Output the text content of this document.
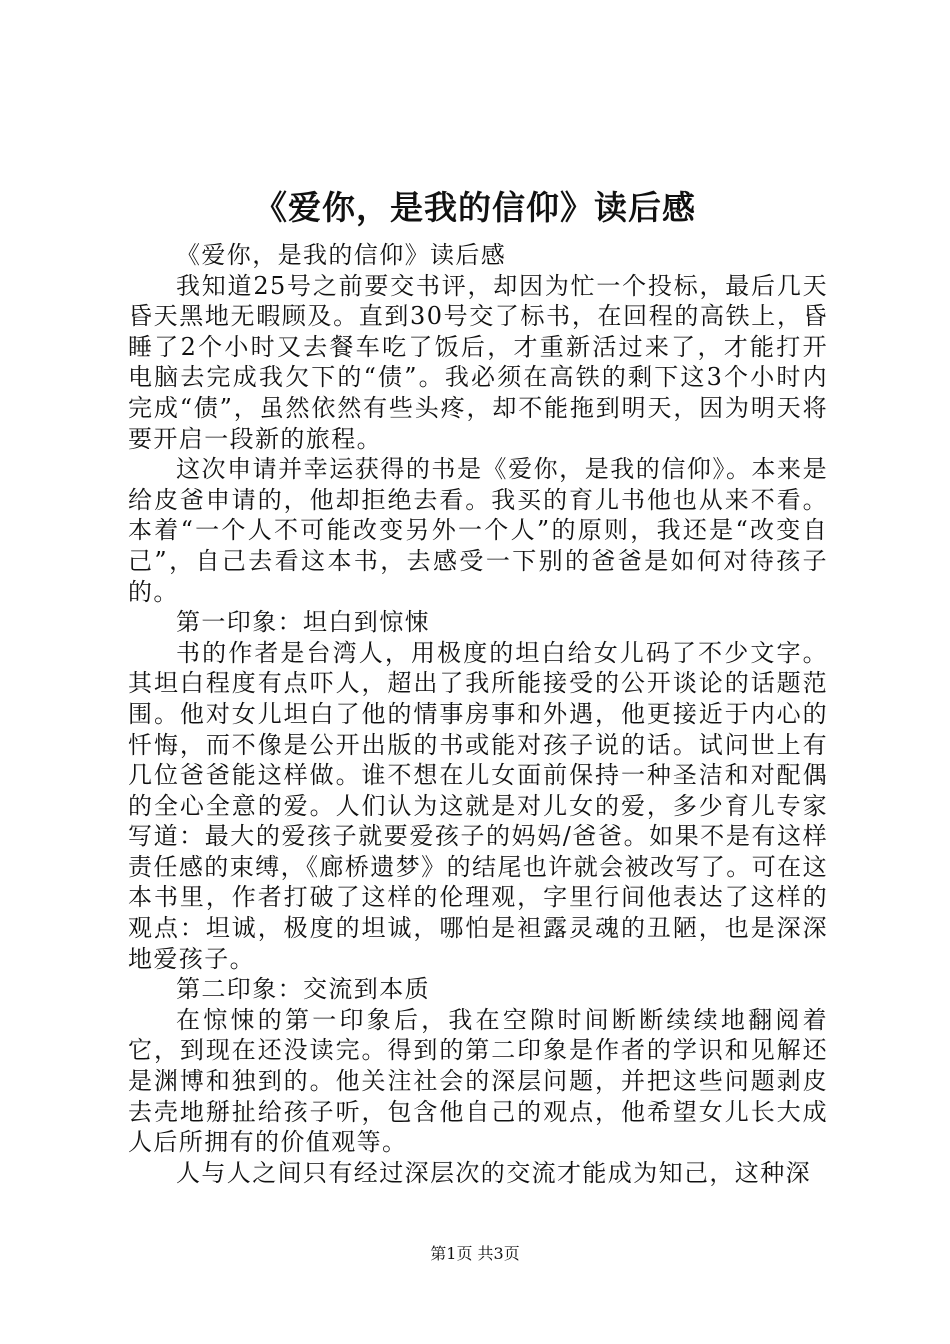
《爱你，是我的信仰》读后感

《爱你，是我的信仰》读后感

我知道25号之前要交书评，却因为忙一个投标，最后几天昏天黑地无暇顾及。直到30号交了标书，在回程的高铁上，昏睡了2个小时又去餐车吃了饭后，才重新活过来了，才能打开电脑去完成我欠下的“债”。我必须在高铁的剩下这3个小时内完成“债”，虽然依然有些头疼，却不能拖到明天，因为明天将要开启一段新的旅程。

这次申请并幸运获得的书是《爱你，是我的信仰》。本来是给皮爸申请的，他却拒绝去看。我买的育儿书他也从来不看。本着“一个人不可能改变另外一个人”的原则，我还是“改变自己”，自己去看这本书，去感受一下别的爸爸是如何对待孩子的。

第一印象：坦白到惊悚

书的作者是台湾人，用极度的坦白给女儿码了不少文字。其坦白程度有点吓人，超出了我所能接受的公开谈论的话题范围。他对女儿坦白了他的情事房事和外遇，他更接近于内心的忏悔，而不像是公开出版的书或能对孩子说的话。试问世上有几位爸爸能这样做。谁不想在儿女面前保持一种圣洁和对配偶的全心全意的爱。人们认为这就是对儿女的爱，多少育儿专家写道：最大的爱孩子就要爱孩子的妈妈/爸爸。如果不是有这样责任感的束缚，《廊桥遗梦》的结尾也许就会被改写了。可在这本书里，作者打破了这样的伦理观，字里行间他表达了这样的观点：坦诚，极度的坦诚，哪怕是袒露灵魂的丑陋，也是深深地爱孩子。

第二印象：交流到本质

在惊悚的第一印象后，我在空隙时间断断续续地翻阅着它，到现在还没读完。得到的第二印象是作者的学识和见解还是渊博和独到的。他关注社会的深层问题，并把这些问题剥皮去壳地掰扯给孩子听，包含他自己的观点，他希望女儿长大成人后所拥有的价值观等。

人与人之间只有经过深层次的交流才能成为知己，这种深

第1页 共3页
